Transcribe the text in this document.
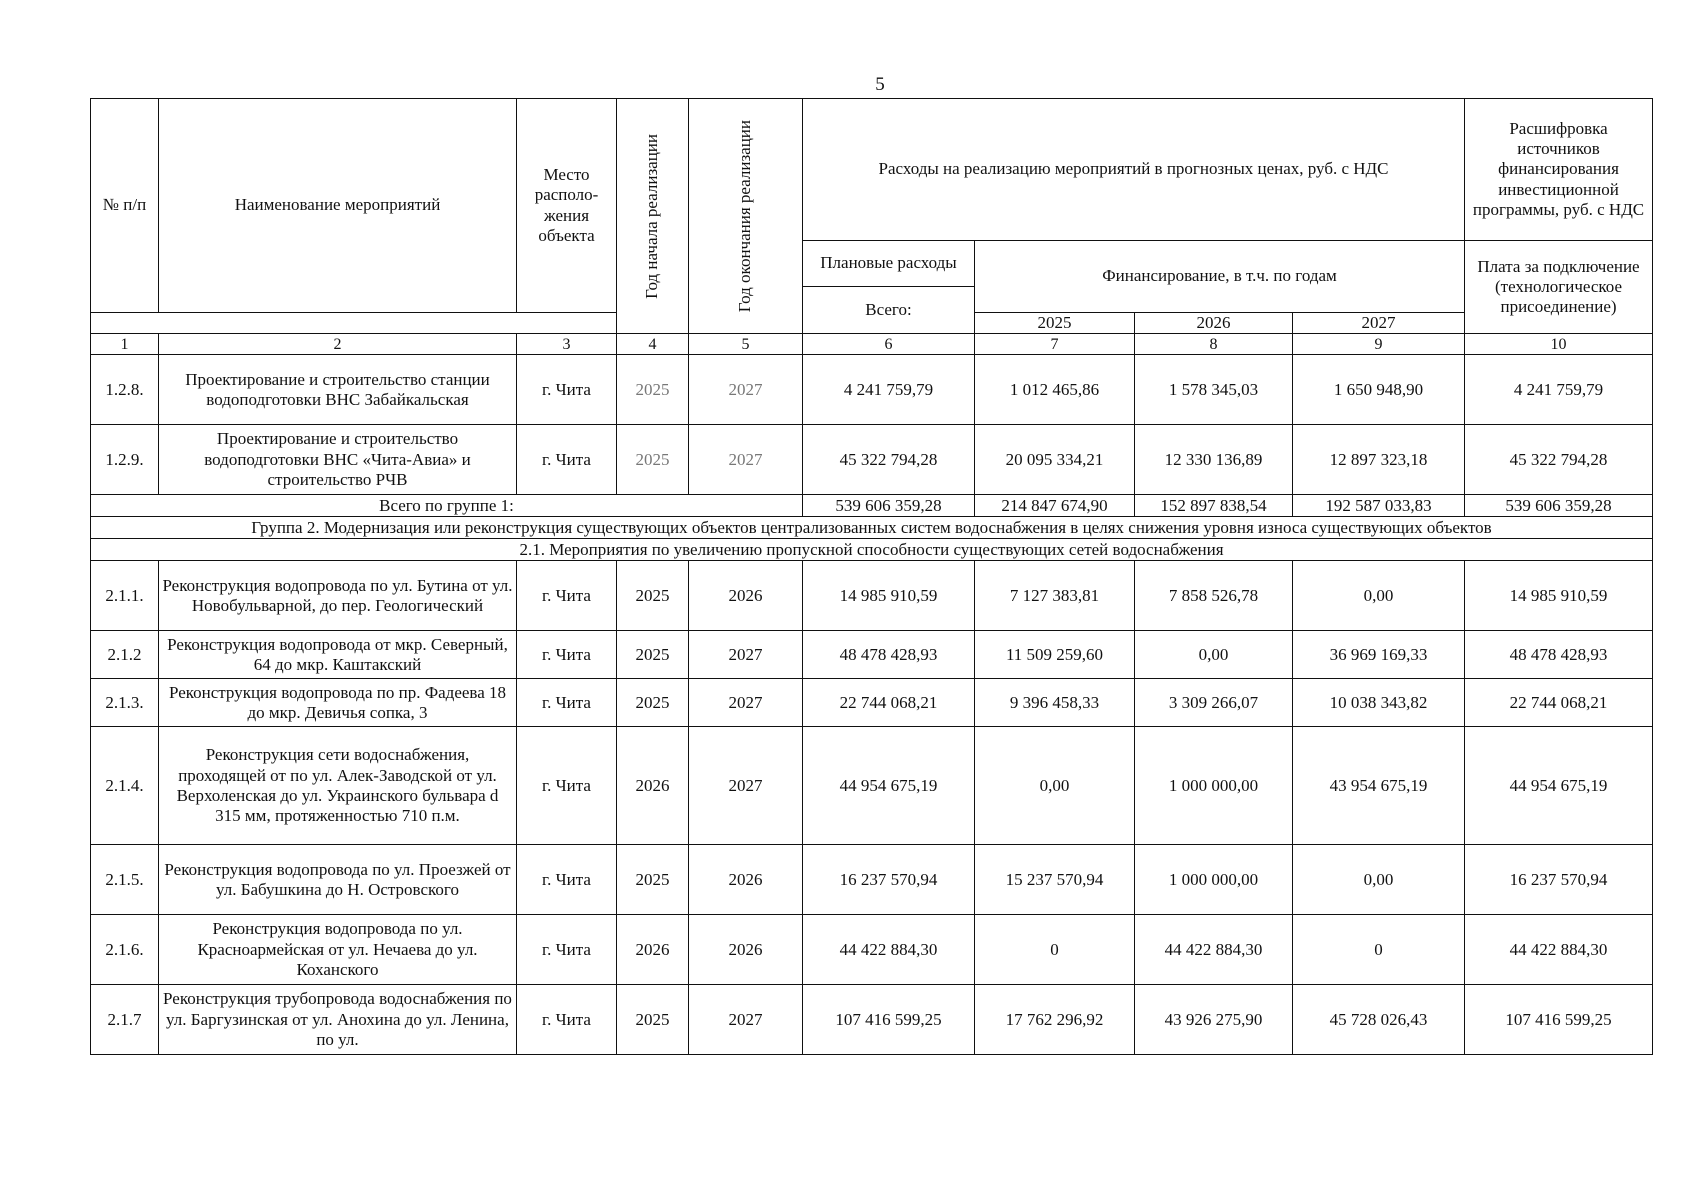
5
№ п/п	Наименование мероприятий	Место располо-жения объекта	Год начала реализации	Год окончания реализации	Расходы на реализацию мероприятий в прогнозных ценах, руб. с НДС				Расшифровка источников финансирования инвестиционной программы, руб. с НДС
					Плановые расходы	Финансирование, в т.ч. по годам			Плата за подключение (технологическое присоединение)
					Всего:				
						2025	2026	2027	
1	2	3	4	5	6	7	8	9	10
1.2.8.	Проектирование и строительство станции водоподготовки ВНС Забайкальская	г. Чита	2025	2027	4 241 759,79	1 012 465,86	1 578 345,03	1 650 948,90	4 241 759,79
1.2.9.	Проектирование и строительство водоподготовки ВНС «Чита-Авиа» и строительство РЧВ	г. Чита	2025	2027	45 322 794,28	20 095 334,21	12 330 136,89	12 897 323,18	45 322 794,28
Всего по группе 1:					539 606 359,28	214 847 674,90	152 897 838,54	192 587 033,83	539 606 359,28
Группа 2. Модернизация или реконструкция существующих объектов централизованных систем водоснабжения в целях снижения уровня износа существующих объектов									
2.1. Мероприятия по увеличению пропускной способности существующих сетей водоснабжения									
2.1.1.	Реконструкция водопровода по ул. Бутина от ул. Новобульварной, до пер. Геологический	г. Чита	2025	2026	14 985 910,59	7 127 383,81	7 858 526,78	0,00	14 985 910,59
2.1.2	Реконструкция водопровода от мкр. Северный, 64 до мкр. Каштакский	г. Чита	2025	2027	48 478 428,93	11 509 259,60	0,00	36 969 169,33	48 478 428,93
2.1.3.	Реконструкция водопровода по пр. Фадеева 18 до мкр. Девичья сопка, 3	г. Чита	2025	2027	22 744 068,21	9 396 458,33	3 309 266,07	10 038 343,82	22 744 068,21
2.1.4.	Реконструкция сети водоснабжения, проходящей от по ул. Алек-Заводской от ул. Верхоленская до ул. Украинского бульвара d 315 мм, протяженностью 710 п.м.	г. Чита	2026	2027	44 954 675,19	0,00	1 000 000,00	43 954 675,19	44 954 675,19
2.1.5.	Реконструкция водопровода по ул. Проезжей от ул. Бабушкина до Н. Островского	г. Чита	2025	2026	16 237 570,94	15 237 570,94	1 000 000,00	0,00	16 237 570,94
2.1.6.	Реконструкция водопровода по ул. Красноармейская от ул. Нечаева до ул. Коханского	г. Чита	2026	2026	44 422 884,30	0	44 422 884,30	0	44 422 884,30
2.1.7	Реконструкция трубопровода водоснабжения по ул. Баргузинская от ул. Анохина до ул. Ленина, по ул.	г. Чита	2025	2027	107 416 599,25	17 762 296,92	43 926 275,90	45 728 026,43	107 416 599,25
